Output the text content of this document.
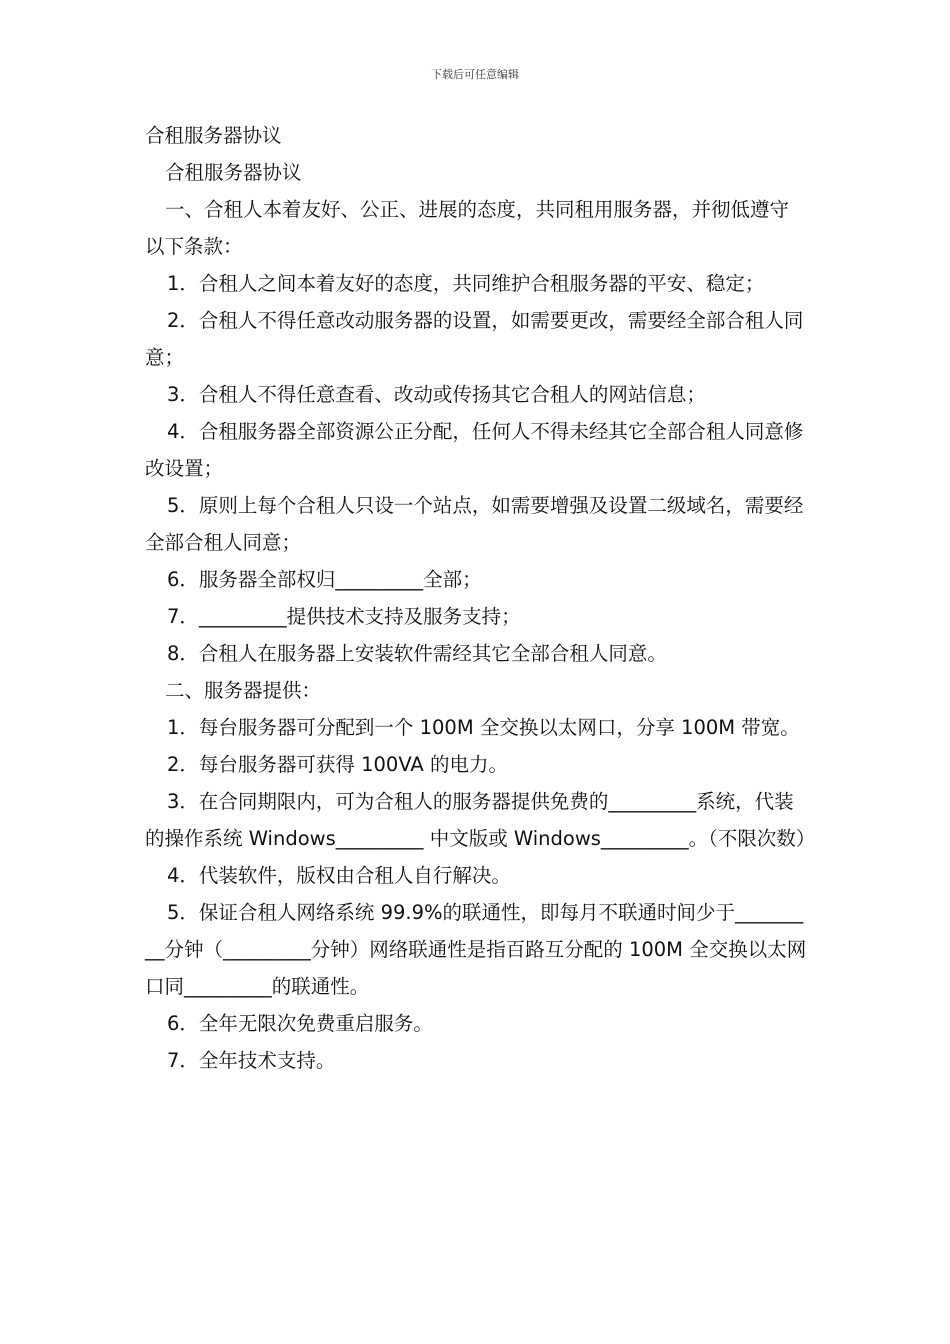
下载后可任意编辑

合租服务器协议

合租服务器协议

一、合租人本着友好、公正、进展的态度，共同租用服务器，并彻低遵守以下条款：

1．合租人之间本着友好的态度，共同维护合租服务器的平安、稳定；

2．合租人不得任意改动服务器的设置，如需要更改，需要经全部合租人同意；

3．合租人不得任意查看、改动或传扬其它合租人的网站信息；

4．合租服务器全部资源公正分配，任何人不得未经其它全部合租人同意修改设置；

5．原则上每个合租人只设一个站点，如需要增强及设置二级域名，需要经全部合租人同意；

6．服务器全部权归_________全部；

7．_________提供技术支持及服务支持；

8．合租人在服务器上安装软件需经其它全部合租人同意。

二、服务器提供：

1．每台服务器可分配到一个 100M 全交换以太网口，分享 100M 带宽。

2．每台服务器可获得 100VA 的电力。

3．在合同期限内，可为合租人的服务器提供免费的_________系统，代装的操作系统 Windows_________ 中文版或 Windows_________。（不限次数）

4．代装软件，版权由合租人自行解决。

5．保证合租人网络系统 99.9%的联通性，即每月不联通时间少于_________分钟（_________分钟）网络联通性是指百路互分配的 100M 全交换以太网口同_________的联通性。

6．全年无限次免费重启服务。

7．全年技术支持。
